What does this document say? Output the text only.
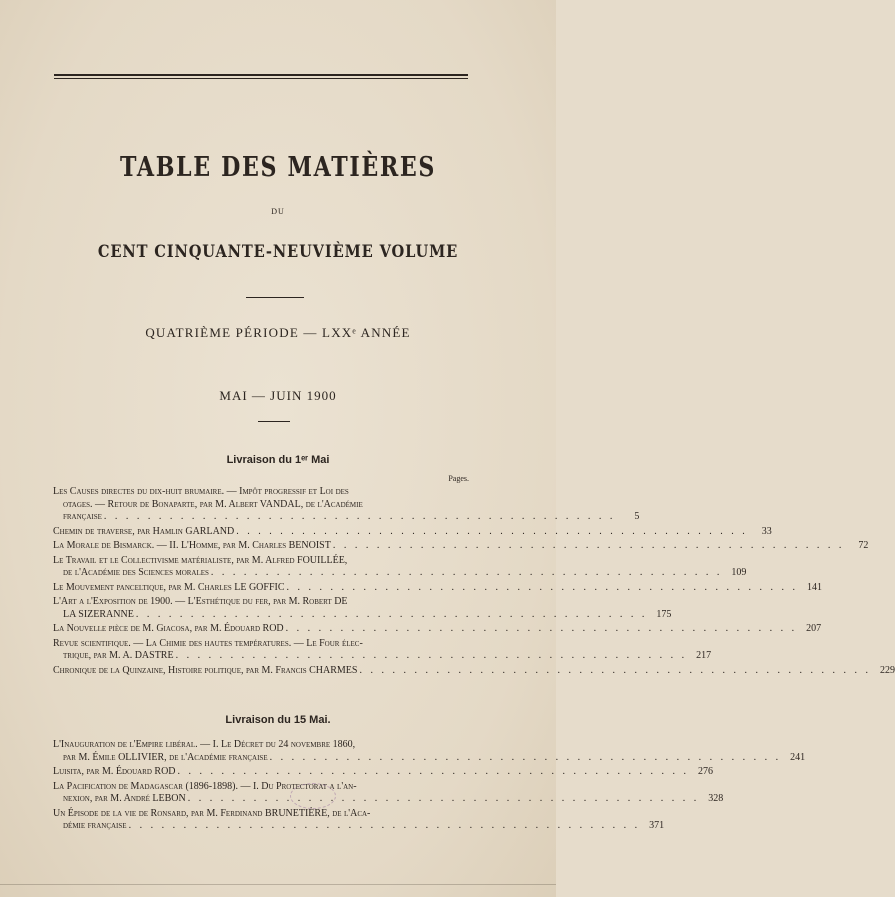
TABLE DES MATIÈRES
DU
CENT CINQUANTE-NEUVIÈME VOLUME
QUATRIÈME PÉRIODE — LXXᵉ ANNÉE
MAI — JUIN 1900
Livraison du 1ᵉʳ Mai
Pages.
Les Causes directes du dix-huit brumaire. — Impôt progressif et Loi des
otages. — Retour de Bonaparte, par M. Albert VANDAL, de l'Académie
française . . . . . . . . . . . . . . . . . . . . . . . . . . . . . . . . . . . . . . . . . . . . . . .	5
Chemin de traverse, par Hamlin GARLAND . . . . . . . . . . . . . . . . . . . . . . . . . . . . . . . . . . . . . . . . . . . . . . .	33
La Morale de Bismarck. — II. L'Homme, par M. Charles BENOIST . . . . . . . . . . . . . . . . . . . . . . . . . . . . . . . . . . . . . . . . . . . . . . .	72
Le Travail et le Collectivisme matérialiste, par M. Alfred FOUILLÉE,
de l'Académie des Sciences morales . . . . . . . . . . . . . . . . . . . . . . . . . . . . . . . . . . . . . . . . . . . . . . . 109
Le Mouvement panceltique, par M. Charles LE GOFFIC . . . . . . . . . . . . . . . . . . . . . . . . . . . . . . . . . . . . . . . . . . . . . . . 141
L'Art a l'Exposition de 1900. — L'Esthétique du fer, par M. Robert DE
LA SIZERANNE . . . . . . . . . . . . . . . . . . . . . . . . . . . . . . . . . . . . . . . . . . . . . . . 175
La Nouvelle pièce de M. Giacosa, par M. Édouard ROD . . . . . . . . . . . . . . . . . . . . . . . . . . . . . . . . . . . . . . . . . . . . . . . 207
Revue scientifique. — La Chimie des hautes températures. — Le Four élec-
trique, par M. A. DASTRE . . . . . . . . . . . . . . . . . . . . . . . . . . . . . . . . . . . . . . . . . . . . . . . 217
Chronique de la Quinzaine, Histoire politique, par M. Francis CHARMES . . . . . . . . . . . . . . . . . . . . . . . . . . . . . . . . . . . . . . . . . . . . . . . 229
Livraison du 15 Mai.
L'Inauguration de l'Empire libéral. — I. Le Décret du 24 novembre 1860,
par M. Émile OLLIVIER, de l'Académie française . . . . . . . . . . . . . . . . . . . . . . . . . . . . . . . . . . . . . . . . . . . . . . . 241
Luisita, par M. Édouard ROD . . . . . . . . . . . . . . . . . . . . . . . . . . . . . . . . . . . . . . . . . . . . . . . 276
La Pacification de Madagascar (1896-1898). — I. Du Protectorat a l'an-
nexion, par M. André LEBON . . . . . . . . . . . . . . . . . . . . . . . . . . . . . . . . . . . . . . . . . . . . . . . 328
Un Épisode de la vie de Ronsard, par M. Ferdinand BRUNETIÈRE, de l'Aca-
démie française . . . . . . . . . . . . . . . . . . . . . . . . . . . . . . . . . . . . . . . . . . . . . . . 371
